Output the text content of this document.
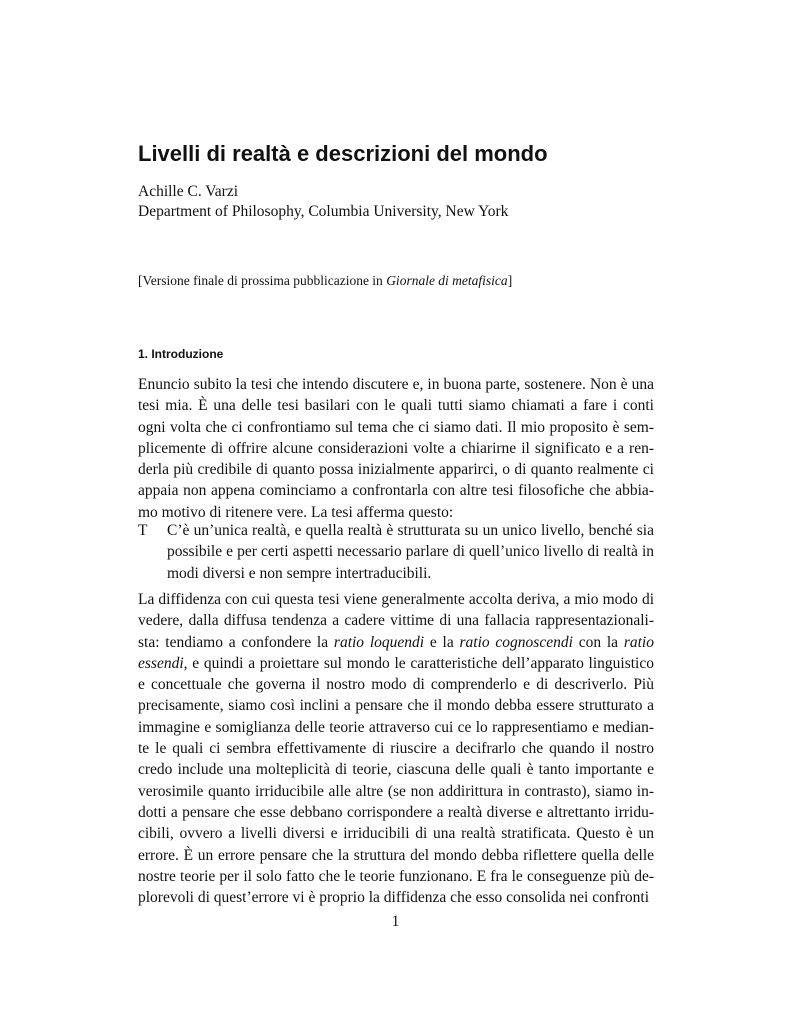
Livelli di realtà e descrizioni del mondo
Achille C. Varzi
Department of Philosophy, Columbia University, New York
[Versione finale di prossima pubblicazione in Giornale di metafisica]
1. Introduzione

Enuncio subito la tesi che intendo discutere e, in buona parte, sostenere. Non è una tesi mia. È una delle tesi basilari con le quali tutti siamo chiamati a fare i conti ogni volta che ci confrontiamo sul tema che ci siamo dati. Il mio proposito è semplicemente di offrire alcune considerazioni volte a chiarirne il significato e a renderla più credibile di quanto possa inizialmente apparirci, o di quanto realmente ci appaia non appena cominciamo a confrontarla con altre tesi filosofiche che abbiamo motivo di ritenere vere. La tesi afferma questo:

T C’è un’unica realtà, e quella realtà è strutturata su un unico livello, benché sia possibile e per certi aspetti necessario parlare di quell’unico livello di realtà in modi diversi e non sempre intertraducibili.

La diffidenza con cui questa tesi viene generalmente accolta deriva, a mio modo di vedere, dalla diffusa tendenza a cadere vittime di una fallacia rappresentazionalista: tendiamo a confondere la ratio loquendi e la ratio cognoscendi con la ratio essendi, e quindi a proiettare sul mondo le caratteristiche dell’apparato linguistico e concettuale che governa il nostro modo di comprenderlo e di descriverlo. Più precisamente, siamo così inclini a pensare che il mondo debba essere strutturato a immagine e somiglianza delle teorie attraverso cui ce lo rappresentiamo e mediante le quali ci sembra effettivamente di riuscire a decifrarlo che quando il nostro credo include una molteplicità di teorie, ciascuna delle quali è tanto importante e verosimile quanto irriducibile alle altre (se non addirittura in contrasto), siamo indotti a pensare che esse debbano corrispondere a realtà diverse e altrettanto irriducibili, ovvero a livelli diversi e irriducibili di una realtà stratificata. Questo è un errore. È un errore pensare che la struttura del mondo debba riflettere quella delle nostre teorie per il solo fatto che le teorie funzionano. E fra le conseguenze più deplorevoli di quest’errore vi è proprio la diffidenza che esso consolida nei confronti

1
